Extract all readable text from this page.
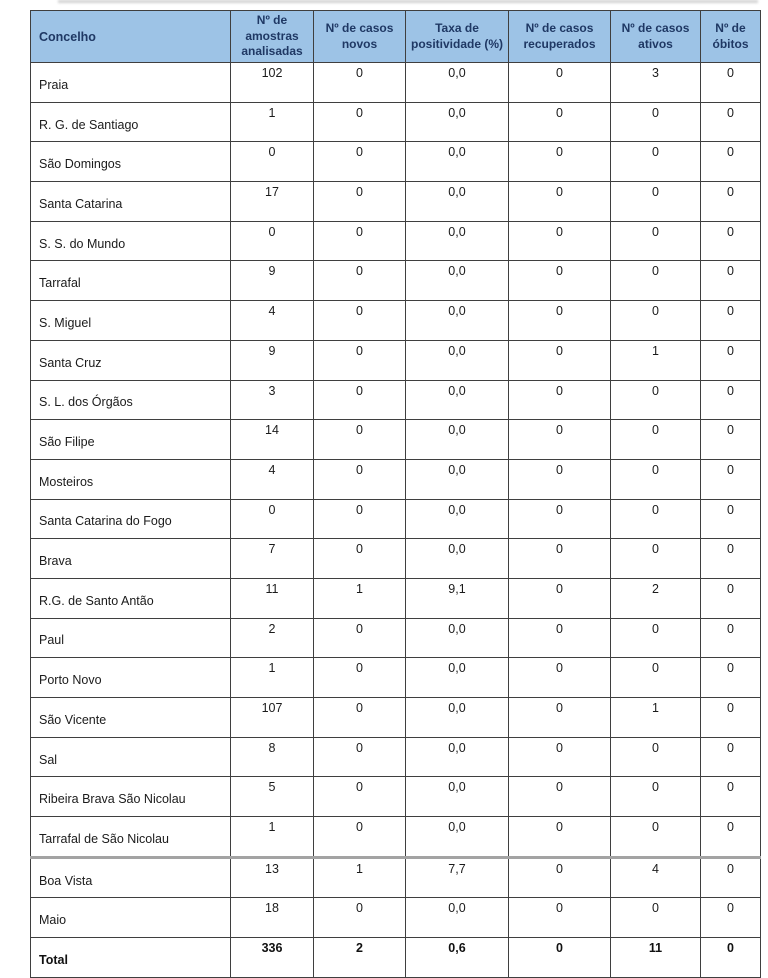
Concelho	Nº de amostras analisadas	Nº de casos novos	Taxa de positividade (%)	Nº de casos recuperados	Nº de casos ativos	Nº de óbitos
Praia	102	0	0,0	0	3	0
R. G. de Santiago	1	0	0,0	0	0	0
São Domingos	0	0	0,0	0	0	0
Santa Catarina	17	0	0,0	0	0	0
S. S. do Mundo	0	0	0,0	0	0	0
Tarrafal	9	0	0,0	0	0	0
S. Miguel	4	0	0,0	0	0	0
Santa Cruz	9	0	0,0	0	1	0
S. L. dos Órgãos	3	0	0,0	0	0	0
São Filipe	14	0	0,0	0	0	0
Mosteiros	4	0	0,0	0	0	0
Santa Catarina do Fogo	0	0	0,0	0	0	0
Brava	7	0	0,0	0	0	0
R.G. de Santo Antão	11	1	9,1	0	2	0
Paul	2	0	0,0	0	0	0
Porto Novo	1	0	0,0	0	0	0
São Vicente	107	0	0,0	0	1	0
Sal	8	0	0,0	0	0	0
Ribeira Brava São Nicolau	5	0	0,0	0	0	0
Tarrafal de São Nicolau	1	0	0,0	0	0	0
Boa Vista	13	1	7,7	0	4	0
Maio	18	0	0,0	0	0	0
Total	336	2	0,6	0	11	0
